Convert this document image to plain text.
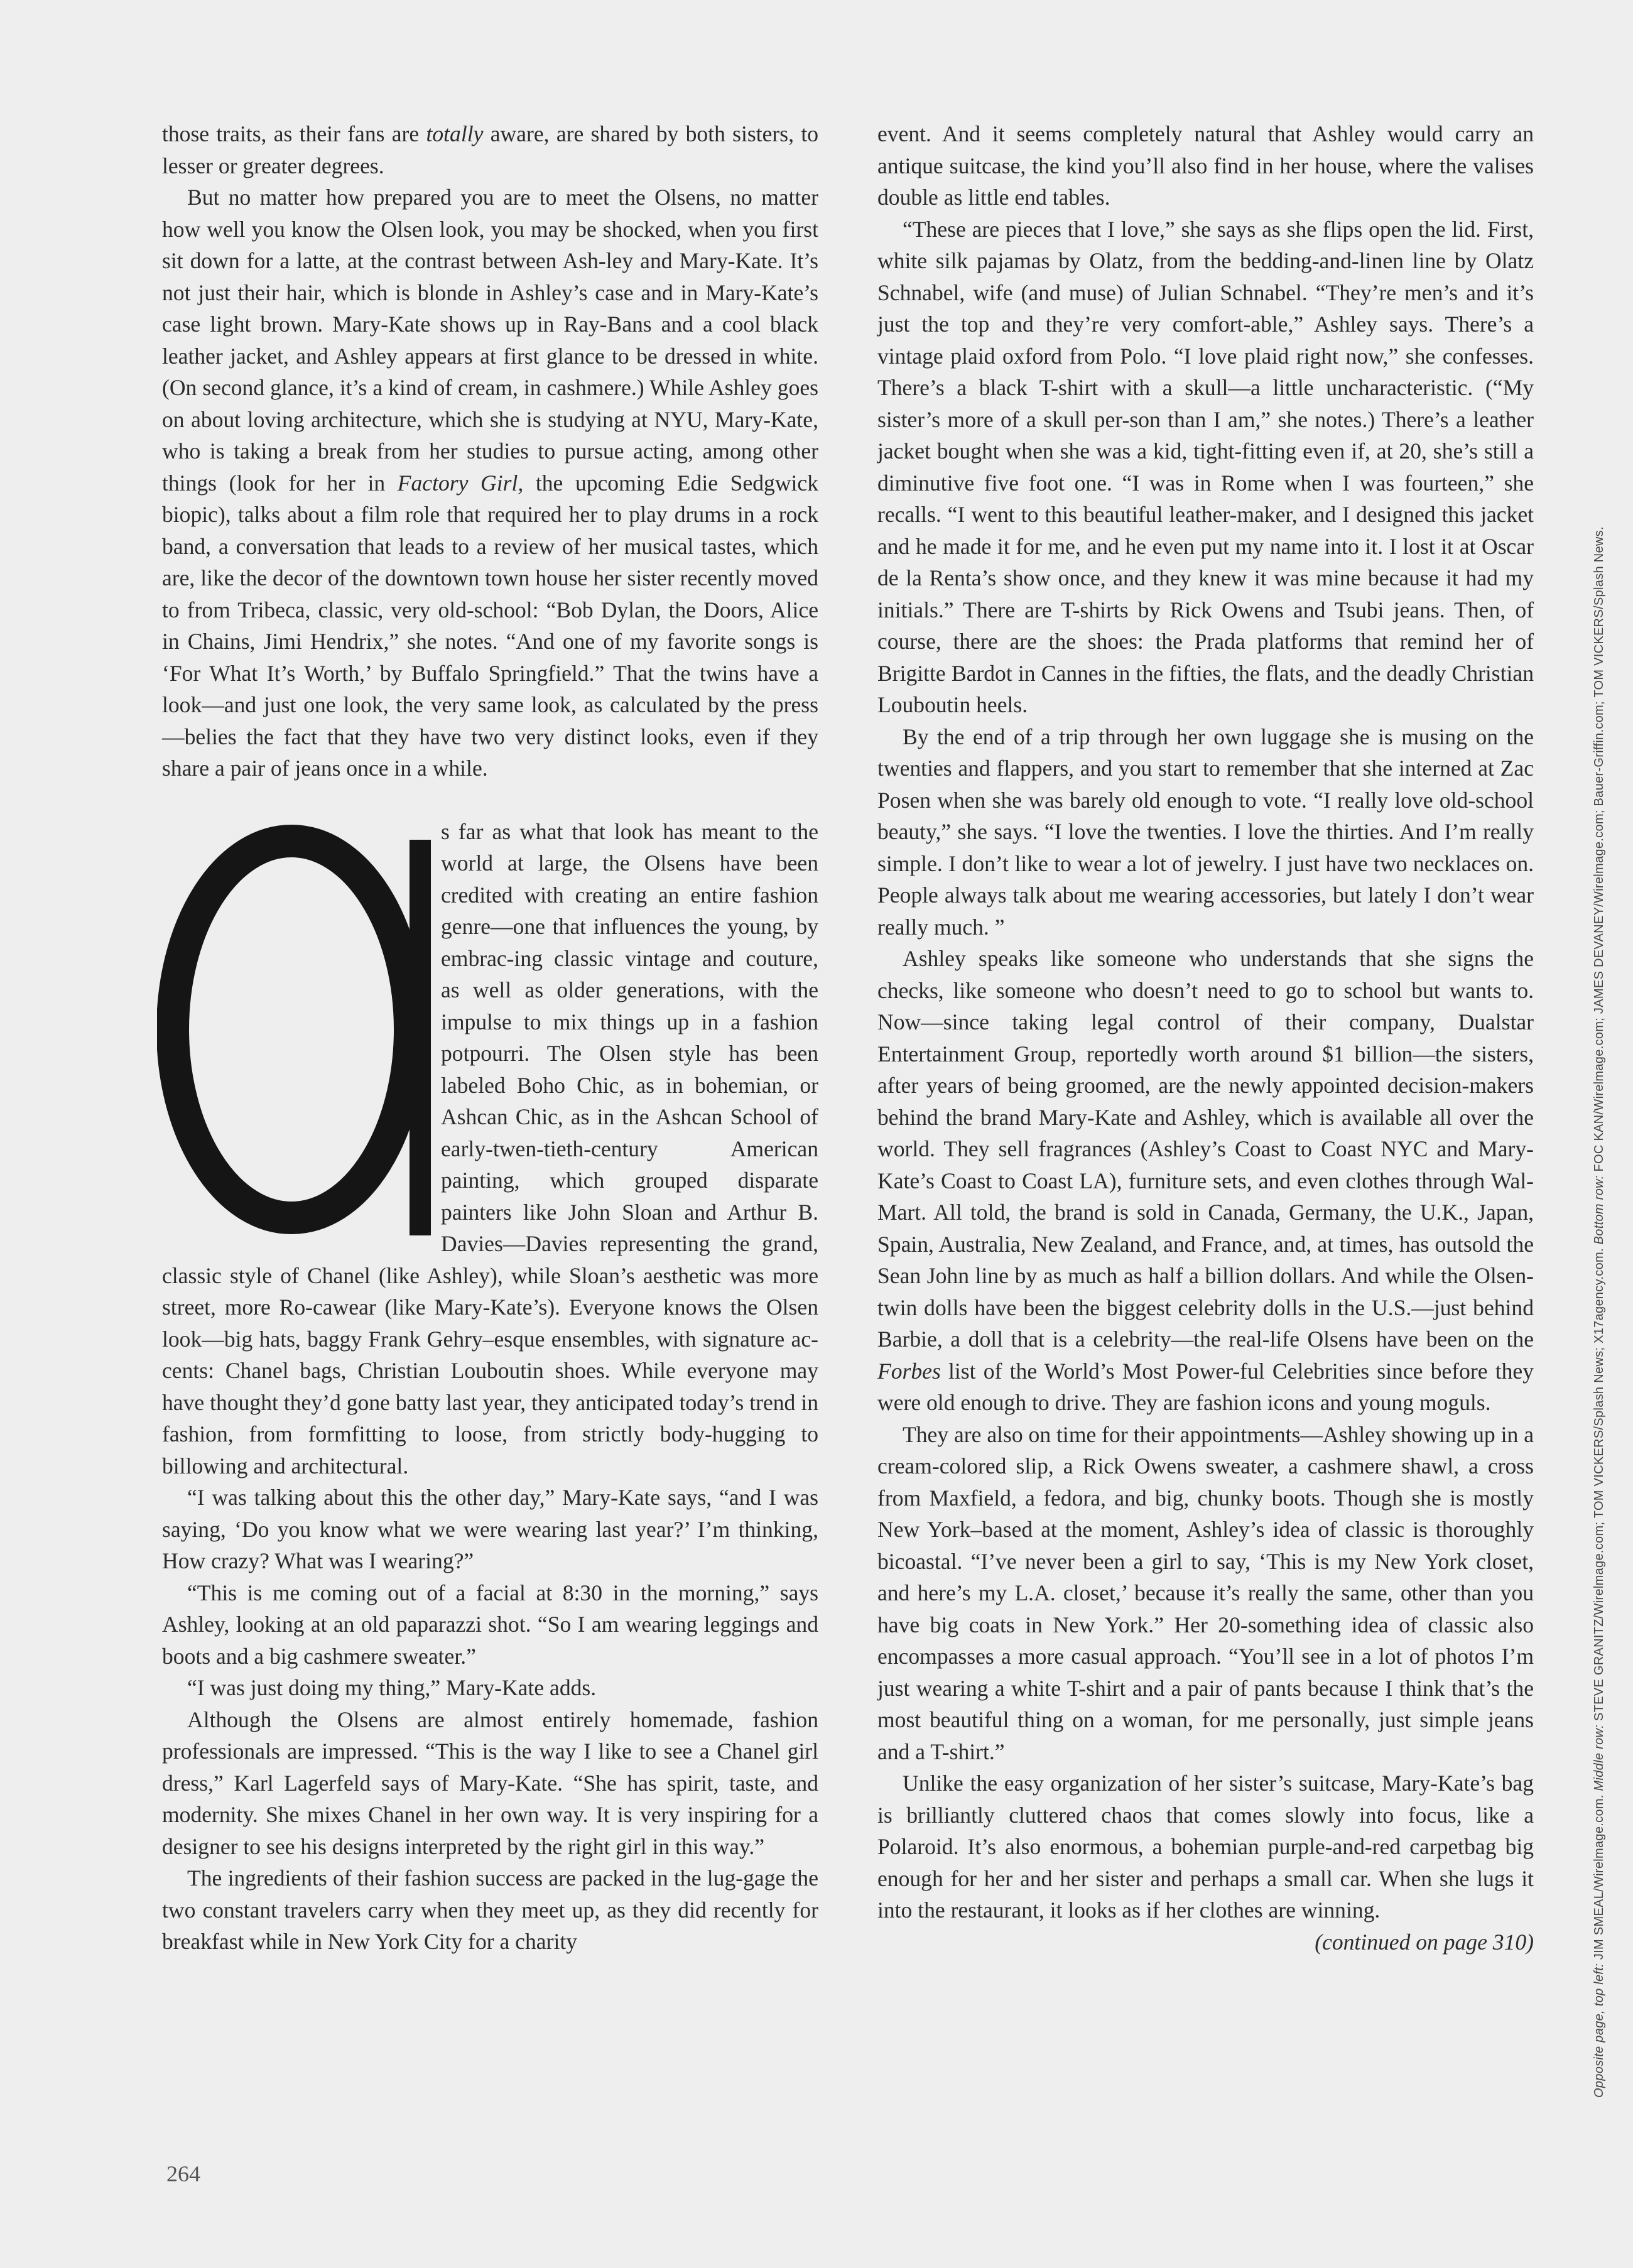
those traits, as their fans are totally aware, are shared by both sisters, to lesser or greater degrees.

But no matter how prepared you are to meet the Olsens, no matter how well you know the Olsen look, you may be shocked, when you first sit down for a latte, at the contrast between Ash-ley and Mary-Kate. It’s not just their hair, which is blonde in Ashley’s case and in Mary-Kate’s case light brown. Mary-Kate shows up in Ray-Bans and a cool black leather jacket, and Ashley appears at first glance to be dressed in white. (On second glance, it’s a kind of cream, in cashmere.) While Ashley goes on about loving architecture, which she is studying at NYU, Mary-Kate, who is taking a break from her studies to pursue acting, among other things (look for her in Factory Girl, the upcoming Edie Sedgwick biopic), talks about a film role that required her to play drums in a rock band, a conversation that leads to a review of her musical tastes, which are, like the decor of the downtown town house her sister recently moved to from Tribeca, classic, very old-school: “Bob Dylan, the Doors, Alice in Chains, Jimi Hendrix,” she notes. “And one of my favorite songs is ‘For What It’s Worth,’ by Buffalo Springfield.” That the twins have a look—and just one look, the very same look, as calculated by the press—belies the fact that they have two very distinct looks, even if they share a pair of jeans once in a while.

a	s far as what that look has meant to the world at large, the Olsens have been credited with creating an entire fashion genre—one that influences the young, by embrac-ing classic vintage and couture, as well as older generations, with the impulse to mix things up in a fashion potpourri. The Olsen style has been labeled Boho Chic, as in bohemian, or Ashcan Chic, as in the Ashcan School of early-twen-tieth-century American painting, which grouped disparate painters like John Sloan and Arthur B. Davies—Davies representing the grand, classic style of Chanel (like Ashley), while Sloan’s aesthetic was more street, more Ro-cawear (like Mary-Kate’s). Everyone knows the Olsen look—big hats, baggy Frank Gehry–esque ensembles, with signature ac-cents: Chanel bags, Christian Louboutin shoes. While everyone may have thought they’d gone batty last year, they anticipated today’s trend in fashion, from formfitting to loose, from strictly body-hugging to billowing and architectural.

“I was talking about this the other day,” Mary-Kate says, “and I was saying, ‘Do you know what we were wearing last year?’ I’m thinking, How crazy? What was I wearing?”

“This is me coming out of a facial at 8:30 in the morning,” says Ashley, looking at an old paparazzi shot. “So I am wearing leggings and boots and a big cashmere sweater.”

“I was just doing my thing,” Mary-Kate adds.

Although the Olsens are almost entirely homemade, fashion professionals are impressed. “This is the way I like to see a Chanel girl dress,” Karl Lagerfeld says of Mary-Kate. “She has spirit, taste, and modernity. She mixes Chanel in her own way. It is very inspiring for a designer to see his designs interpreted by the right girl in this way.”

The ingredients of their fashion success are packed in the lug-gage the two constant travelers carry when they meet up, as they did recently for breakfast while in New York City for a charity

event. And it seems completely natural that Ashley would carry an antique suitcase, the kind you’ll also find in her house, where the valises double as little end tables.

“These are pieces that I love,” she says as she flips open the lid. First, white silk pajamas by Olatz, from the bedding-and-linen line by Olatz Schnabel, wife (and muse) of Julian Schnabel. “They’re men’s and it’s just the top and they’re very comfort-able,” Ashley says. There’s a vintage plaid oxford from Polo. “I love plaid right now,” she confesses. There’s a black T-shirt with a skull—a little uncharacteristic. (“My sister’s more of a skull per-son than I am,” she notes.) There’s a leather jacket bought when she was a kid, tight-fitting even if, at 20, she’s still a diminutive five foot one. “I was in Rome when I was fourteen,” she recalls. “I went to this beautiful leather-maker, and I designed this jacket and he made it for me, and he even put my name into it. I lost it at Oscar de la Renta’s show once, and they knew it was mine because it had my initials.” There are T-shirts by Rick Owens and Tsubi jeans. Then, of course, there are the shoes: the Prada platforms that remind her of Brigitte Bardot in Cannes in the fifties, the flats, and the deadly Christian Louboutin heels.

By the end of a trip through her own luggage she is musing on the twenties and flappers, and you start to remember that she interned at Zac Posen when she was barely old enough to vote. “I really love old-school beauty,” she says. “I love the twenties. I love the thirties. And I’m really simple. I don’t like to wear a lot of jewelry. I just have two necklaces on. People always talk about me wearing accessories, but lately I don’t wear really much. ”

Ashley speaks like someone who understands that she signs the checks, like someone who doesn’t need to go to school but wants to. Now—since taking legal control of their company, Dualstar Entertainment Group, reportedly worth around $1 billion—the sisters, after years of being groomed, are the newly appointed decision-makers behind the brand Mary-Kate and Ashley, which is available all over the world. They sell fragrances (Ashley’s Coast to Coast NYC and Mary-Kate’s Coast to Coast LA), furniture sets, and even clothes through Wal-Mart. All told, the brand is sold in Canada, Germany, the U.K., Japan, Spain, Australia, New Zealand, and France, and, at times, has outsold the Sean John line by as much as half a billion dollars. And while the Olsen-twin dolls have been the biggest celebrity dolls in the U.S.—just behind Barbie, a doll that is a celebrity—the real-life Olsens have been on the Forbes list of the World’s Most Power-ful Celebrities since before they were old enough to drive. They are fashion icons and young moguls.

They are also on time for their appointments—Ashley showing up in a cream-colored slip, a Rick Owens sweater, a cashmere shawl, a cross from Maxfield, a fedora, and big, chunky boots. Though she is mostly New York–based at the moment, Ashley’s idea of classic is thoroughly bicoastal. “I’ve never been a girl to say, ‘This is my New York closet, and here’s my L.A. closet,’ because it’s really the same, other than you have big coats in New York.” Her 20-something idea of classic also encompasses a more casual approach. “You’ll see in a lot of photos I’m just wearing a white T-shirt and a pair of pants because I think that’s the most beautiful thing on a woman, for me personally, just simple jeans and a T-shirt.”

Unlike the easy organization of her sister’s suitcase, Mary-Kate’s bag is brilliantly cluttered chaos that comes slowly into focus, like a Polaroid. It’s also enormous, a bohemian purple-and-red carpetbag big enough for her and her sister and perhaps a small car. When she lugs it into the restaurant, it looks as if her clothes are winning.
(continued on page 310)

264
Opposite page, top left: JIM SMEAL/Wirelmage.com. Middle row: STEVE GRANITZ/Wirelmage.com; TOM VICKERS/Splash News; X17agency.com. Bottom row: FOC KAN/Wirelmage.com; JAMES DEVANEY/Wirelmage.com; Bauer-Griffin.com; TOM VICKERS/Splash News.
